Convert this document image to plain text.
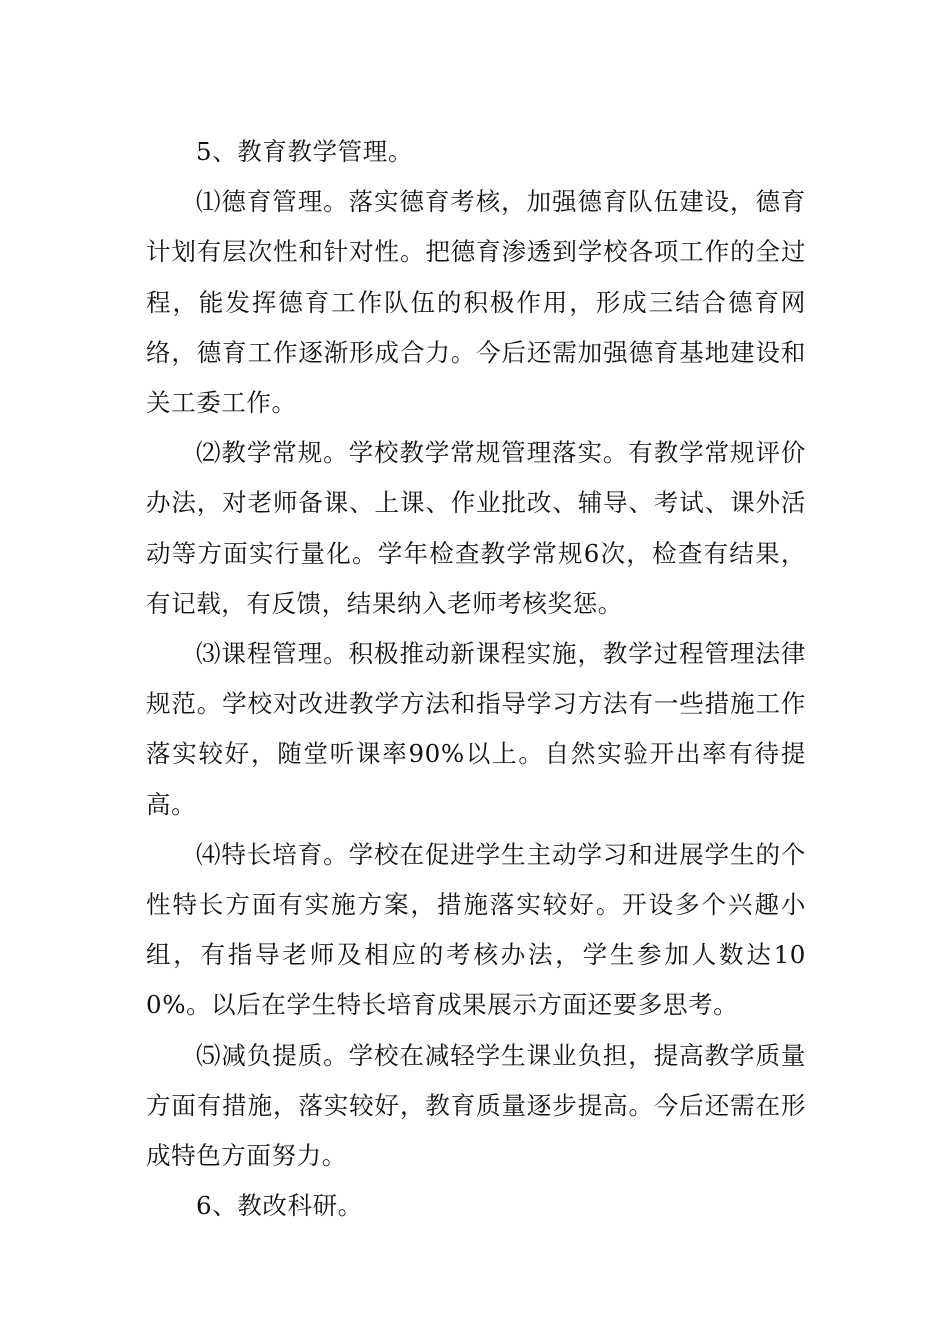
5、教育教学管理。

⑴德育管理。落实德育考核，加强德育队伍建设，德育计划有层次性和针对性。把德育渗透到学校各项工作的全过程，能发挥德育工作队伍的积极作用，形成三结合德育网络，德育工作逐渐形成合力。今后还需加强德育基地建设和关工委工作。

⑵教学常规。学校教学常规管理落实。有教学常规评价办法，对老师备课、上课、作业批改、辅导、考试、课外活动等方面实行量化。学年检查教学常规6次，检查有结果，有记载，有反馈，结果纳入老师考核奖惩。

⑶课程管理。积极推动新课程实施，教学过程管理法律规范。学校对改进教学方法和指导学习方法有一些措施工作落实较好，随堂听课率90%以上。自然实验开出率有待提高。

⑷特长培育。学校在促进学生主动学习和进展学生的个性特长方面有实施方案，措施落实较好。开设多个兴趣小组，有指导老师及相应的考核办法，学生参加人数达100%。以后在学生特长培育成果展示方面还要多思考。

⑸减负提质。学校在减轻学生课业负担，提高教学质量方面有措施，落实较好，教育质量逐步提高。今后还需在形成特色方面努力。

6、教改科研。
